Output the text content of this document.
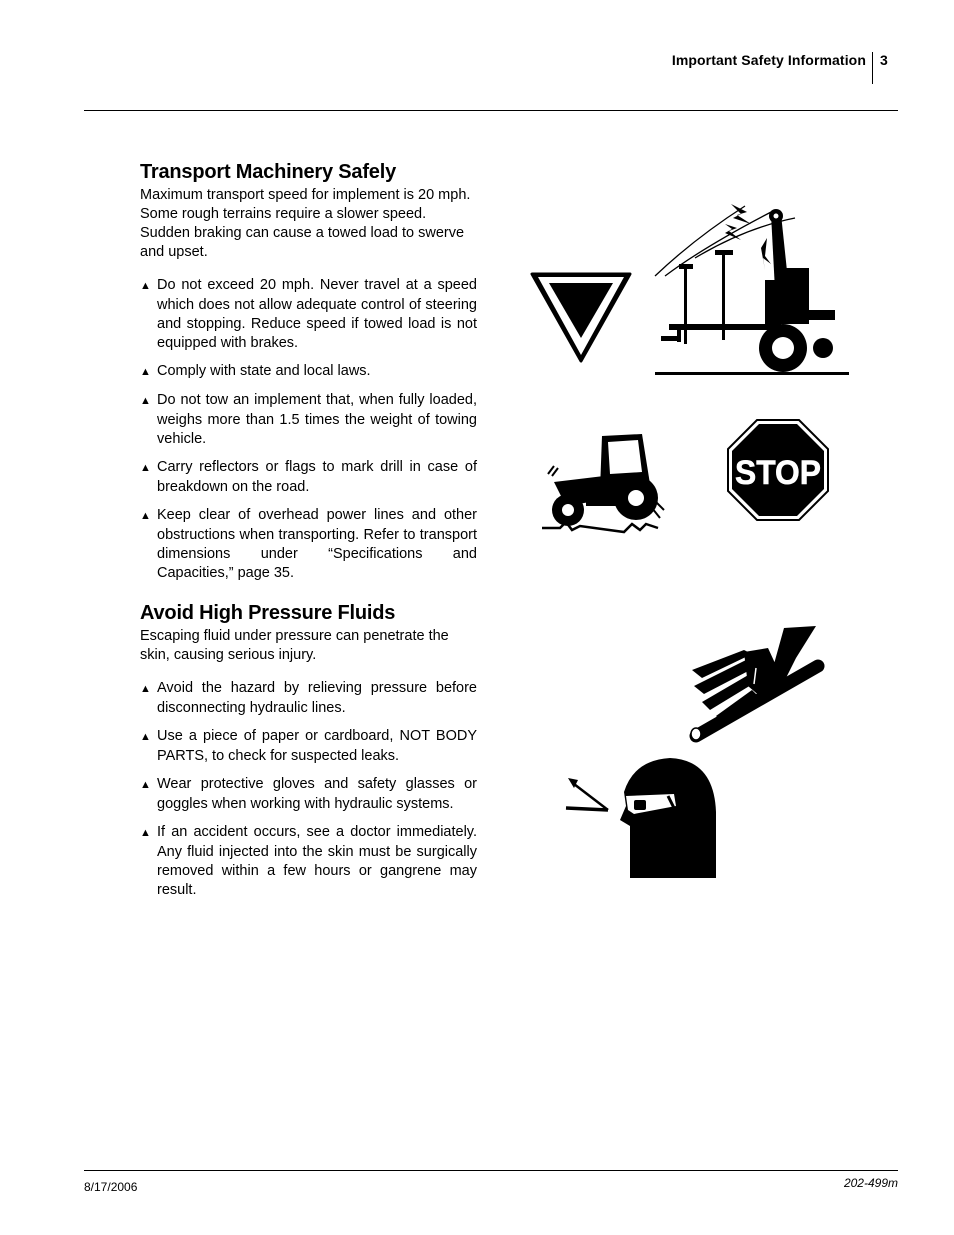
Important Safety Information 3
Transport Machinery Safely

Maximum transport speed for implement is 20 mph. Some rough terrains require a slower speed. Sudden braking can cause a towed load to swerve and upset.

▲ Do not exceed 20 mph. Never travel at a speed which does not allow adequate control of steering and stopping. Reduce speed if towed load is not equipped with brakes.
▲ Comply with state and local laws.
▲ Do not tow an implement that, when fully loaded, weighs more than 1.5 times the weight of towing vehicle.
▲ Carry reflectors or flags to mark drill in case of breakdown on the road.
▲ Keep clear of overhead power lines and other obstructions when transporting. Refer to transport dimensions under “Specifications and Capacities,” page 35.
Avoid High Pressure Fluids

Escaping fluid under pressure can penetrate the skin, causing serious injury.

▲ Avoid the hazard by relieving pressure before disconnecting hydraulic lines.
▲ Use a piece of paper or cardboard, NOT BODY PARTS, to check for suspected leaks.
▲ Wear protective gloves and safety glasses or goggles when working with hydraulic systems.
▲ If an accident occurs, see a doctor immediately. Any fluid injected into the skin must be surgically removed within a few hours or gangrene may result.
STOP
8/17/2006	202-499m
